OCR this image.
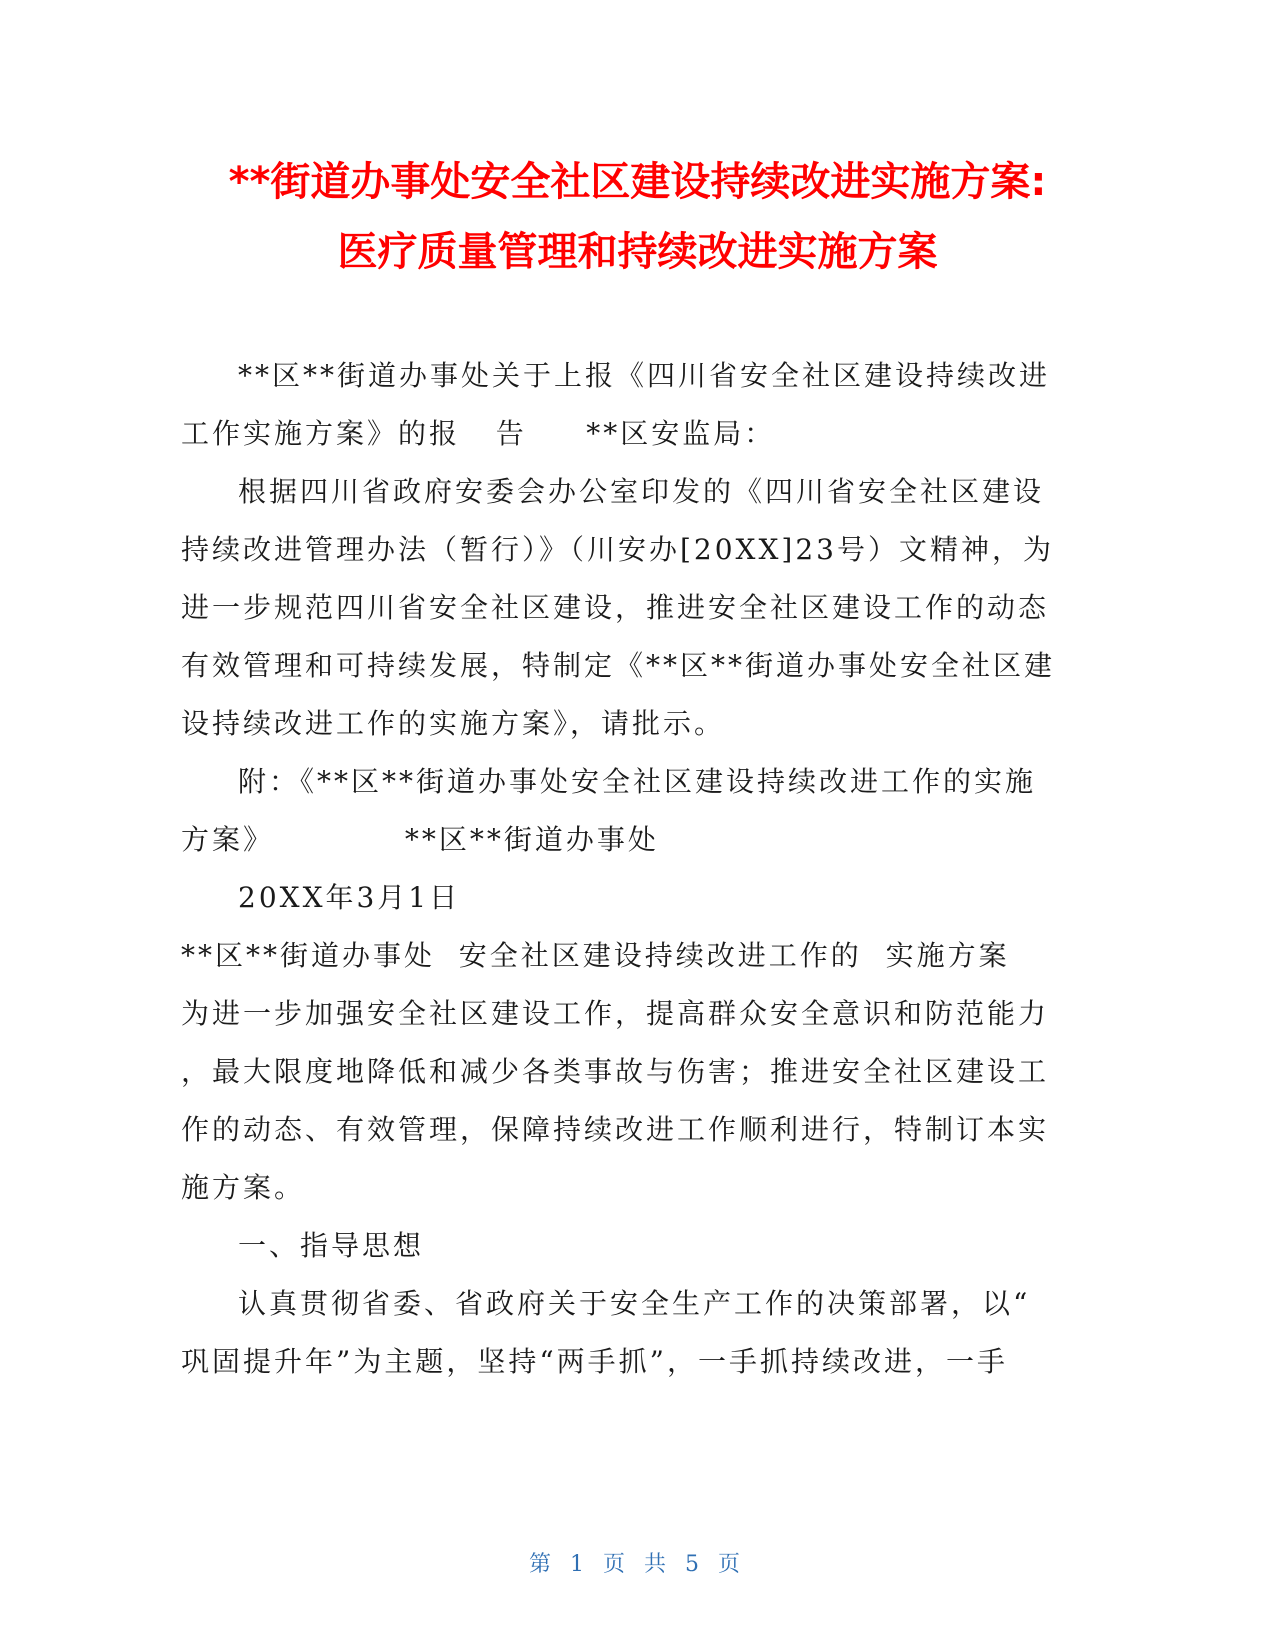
**街道办事处安全社区建设持续改进实施方案:
医疗质量管理和持续改进实施方案
**区**街道办事处关于上报《四川省安全社区建设持续改进
工作实施方案》的报   告     **区安监局：
根据四川省政府安委会办公室印发的《四川省安全社区建设
持续改进管理办法（暂行）》（川安办[20XX]23号）文精神，为
进一步规范四川省安全社区建设，推进安全社区建设工作的动态
有效管理和可持续发展，特制定《**区**街道办事处安全社区建
设持续改进工作的实施方案》，请批示。
附：《**区**街道办事处安全社区建设持续改进工作的实施
方案》           **区**街道办事处
20XX年3月1日
**区**街道办事处  安全社区建设持续改进工作的  实施方案
为进一步加强安全社区建设工作，提高群众安全意识和防范能力
，最大限度地降低和减少各类事故与伤害；推进安全社区建设工
作的动态、有效管理，保障持续改进工作顺利进行，特制订本实
施方案。
一、指导思想
认真贯彻省委、省政府关于安全生产工作的决策部署，以“
巩固提升年”为主题，坚持“两手抓”，一手抓持续改进，一手
第 1 页 共 5 页
